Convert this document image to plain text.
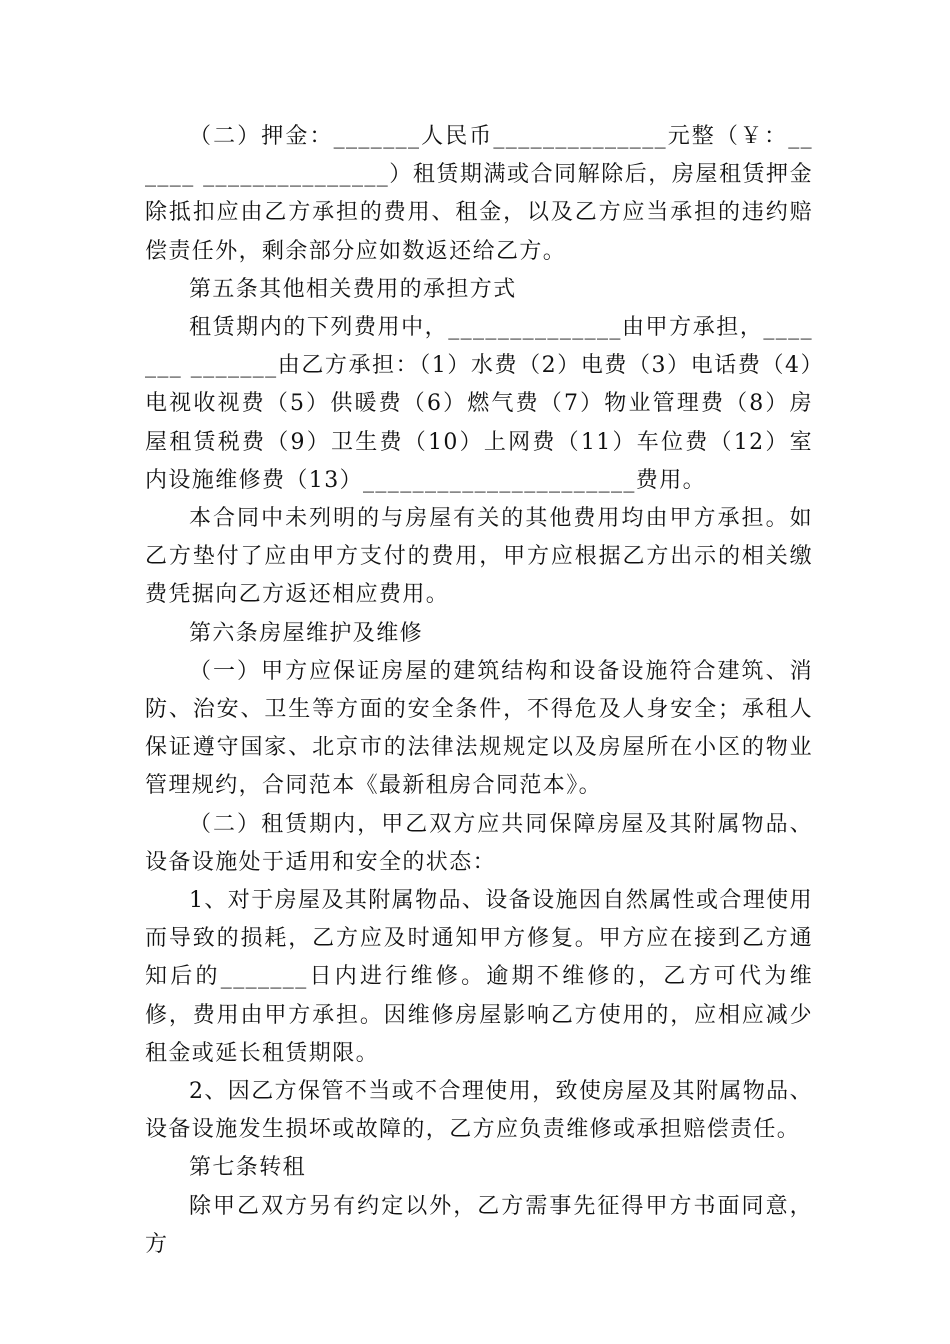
（二）押金：_______人民币______________元整（￥：______ _______________）租赁期满或合同解除后，房屋租赁押金除抵扣应由乙方承担的费用、租金，以及乙方应当承担的违约赔偿责任外，剩余部分应如数返还给乙方。

第五条其他相关费用的承担方式

租赁期内的下列费用中，______________由甲方承担，_______ _______由乙方承担：（1）水费（2）电费（3）电话费（4）电视收视费（5）供暖费（6）燃气费（7）物业管理费（8）房屋租赁税费（9）卫生费（10）上网费（11）车位费（12）室内设施维修费（13）______________________费用。

本合同中未列明的与房屋有关的其他费用均由甲方承担。如乙方垫付了应由甲方支付的费用，甲方应根据乙方出示的相关缴费凭据向乙方返还相应费用。

第六条房屋维护及维修

（一）甲方应保证房屋的建筑结构和设备设施符合建筑、消防、治安、卫生等方面的安全条件，不得危及人身安全；承租人保证遵守国家、北京市的法律法规规定以及房屋所在小区的物业管理规约，合同范本《最新租房合同范本》。

（二）租赁期内，甲乙双方应共同保障房屋及其附属物品、设备设施处于适用和安全的状态：

1、对于房屋及其附属物品、设备设施因自然属性或合理使用而导致的损耗，乙方应及时通知甲方修复。甲方应在接到乙方通知后的_______日内进行维修。逾期不维修的，乙方可代为维修，费用由甲方承担。因维修房屋影响乙方使用的，应相应减少租金或延长租赁期限。

2、因乙方保管不当或不合理使用，致使房屋及其附属物品、设备设施发生损坏或故障的，乙方应负责维修或承担赔偿责任。

第七条转租

除甲乙双方另有约定以外，乙方需事先征得甲方书面同意，方
